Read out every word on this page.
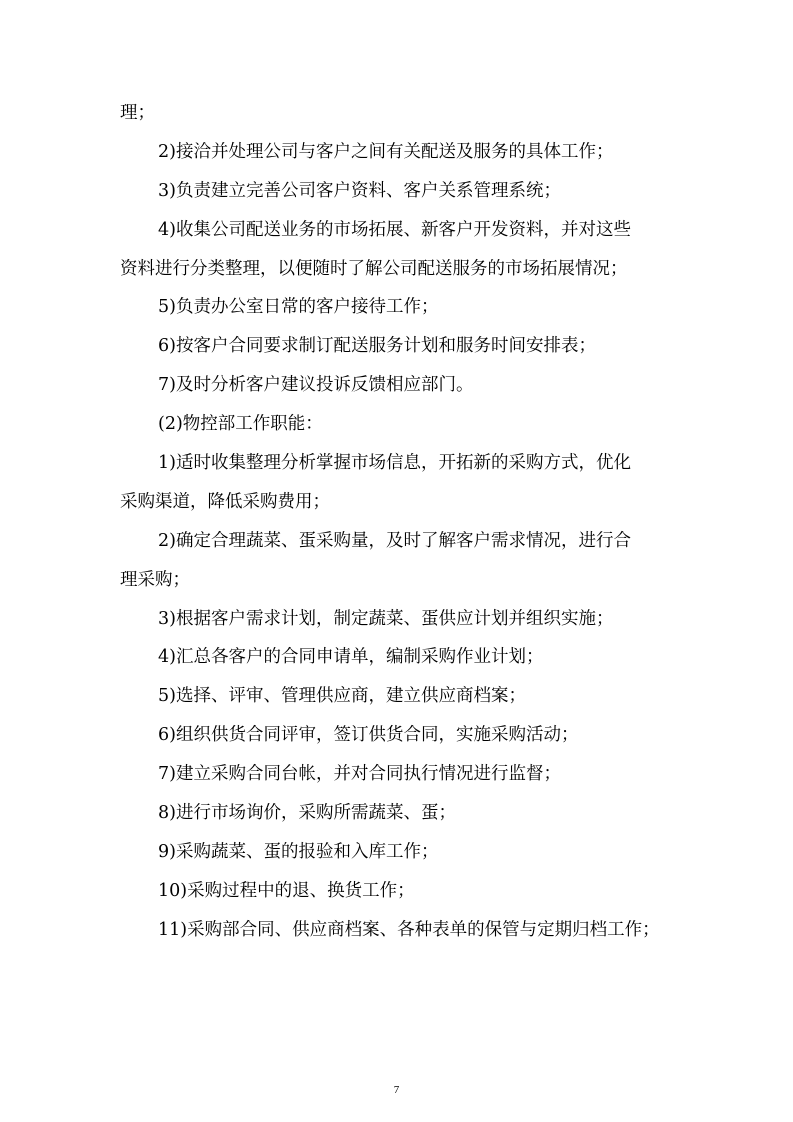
理；
2)接洽并处理公司与客户之间有关配送及服务的具体工作；
3)负责建立完善公司客户资料、客户关系管理系统；
4)收集公司配送业务的市场拓展、新客户开发资料，并对这些
资料进行分类整理，以便随时了解公司配送服务的市场拓展情况；
5)负责办公室日常的客户接待工作；
6)按客户合同要求制订配送服务计划和服务时间安排表；
7)及时分析客户建议投诉反馈相应部门。
(2)物控部工作职能：
1)适时收集整理分析掌握市场信息，开拓新的采购方式，优化
采购渠道，降低采购费用；
2)确定合理蔬菜、蛋采购量，及时了解客户需求情况，进行合
理采购；
3)根据客户需求计划，制定蔬菜、蛋供应计划并组织实施；
4)汇总各客户的合同申请单，编制采购作业计划；
5)选择、评审、管理供应商，建立供应商档案；
6)组织供货合同评审，签订供货合同，实施采购活动；
7)建立采购合同台帐，并对合同执行情况进行监督；
8)进行市场询价，采购所需蔬菜、蛋；
9)采购蔬菜、蛋的报验和入库工作；
10)采购过程中的退、换货工作；
11)采购部合同、供应商档案、各种表单的保管与定期归档工作；
7
